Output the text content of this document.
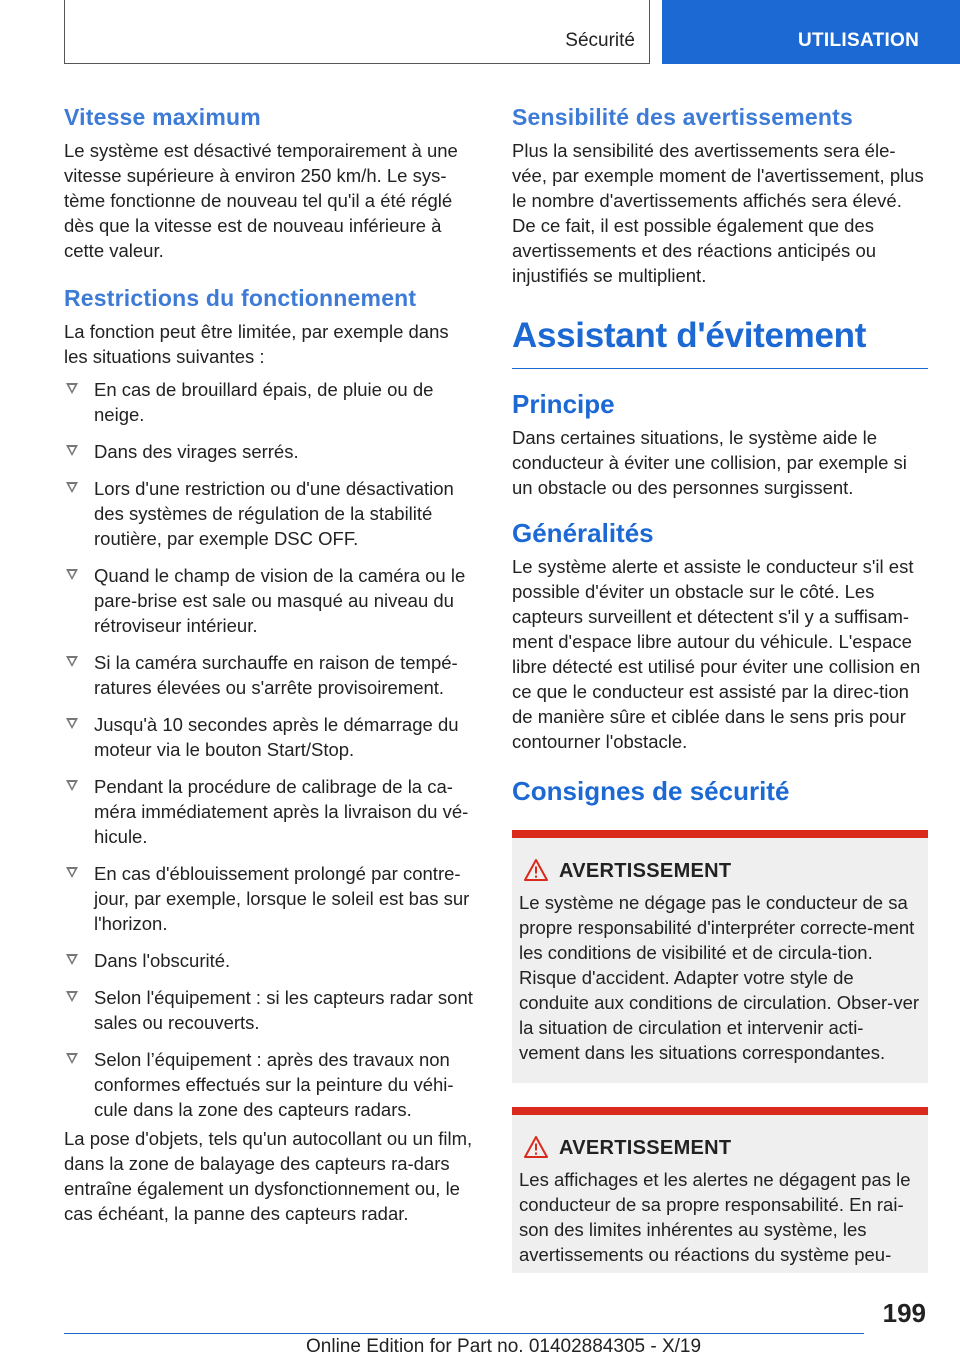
Sécurité	UTILISATION
Vitesse maximum

Le système est désactivé temporairement à une vitesse supérieure à environ 250 km/h. Le sys-tème fonctionne de nouveau tel qu'il a été réglé dès que la vitesse est de nouveau inférieure à cette valeur.

Restrictions du fonctionnement

La fonction peut être limitée, par exemple dans les situations suivantes :

En cas de brouillard épais, de pluie ou de neige.
Dans des virages serrés.
Lors d'une restriction ou d'une désactivation des systèmes de régulation de la stabilité routière, par exemple DSC OFF.
Quand le champ de vision de la caméra ou le pare-brise est sale ou masqué au niveau du rétroviseur intérieur.
Si la caméra surchauffe en raison de tempé-ratures élevées ou s'arrête provisoirement.
Jusqu'à 10 secondes après le démarrage du moteur via le bouton Start/Stop.
Pendant la procédure de calibrage de la ca-méra immédiatement après la livraison du vé-hicule.
En cas d'éblouissement prolongé par contre-jour, par exemple, lorsque le soleil est bas sur l'horizon.
Dans l'obscurité.
Selon l'équipement : si les capteurs radar sont sales ou recouverts.
Selon l’équipement : après des travaux non conformes effectués sur la peinture du véhi-cule dans la zone des capteurs radars.

La pose d'objets, tels qu'un autocollant ou un film, dans la zone de balayage des capteurs ra-dars entraîne également un dysfonctionnement ou, le cas échéant, la panne des capteurs radar.

Sensibilité des avertissements

Plus la sensibilité des avertissements sera éle-vée, par exemple moment de l'avertissement, plus le nombre d'avertissements affichés sera élevé. De ce fait, il est possible également que des avertissements et des réactions anticipés ou injustifiés se multiplient.

Assistant d'évitement
Principe

Dans certaines situations, le système aide le conducteur à éviter une collision, par exemple si un obstacle ou des personnes surgissent.

Généralités

Le système alerte et assiste le conducteur s'il est possible d'éviter un obstacle sur le côté. Les capteurs surveillent et détectent s'il y a suffisam-ment d'espace libre autour du véhicule. L'espace libre détecté est utilisé pour éviter une collision en ce que le conducteur est assisté par la direc-tion de manière sûre et ciblée dans le sens pris pour contourner l'obstacle.

Consignes de sécurité
AVERTISSEMENT

Le système ne dégage pas le conducteur de sa propre responsabilité d'interpréter correcte-ment les conditions de visibilité et de circula-tion. Risque d'accident. Adapter votre style de conduite aux conditions de circulation. Obser-ver la situation de circulation et intervenir acti-vement dans les situations correspondantes.

AVERTISSEMENT

Les affichages et les alertes ne dégagent pas le conducteur de sa propre responsabilité. En rai-son des limites inhérentes au système, les avertissements ou réactions du système peu-

199
Online Edition for Part no. 01402884305 - X/19
